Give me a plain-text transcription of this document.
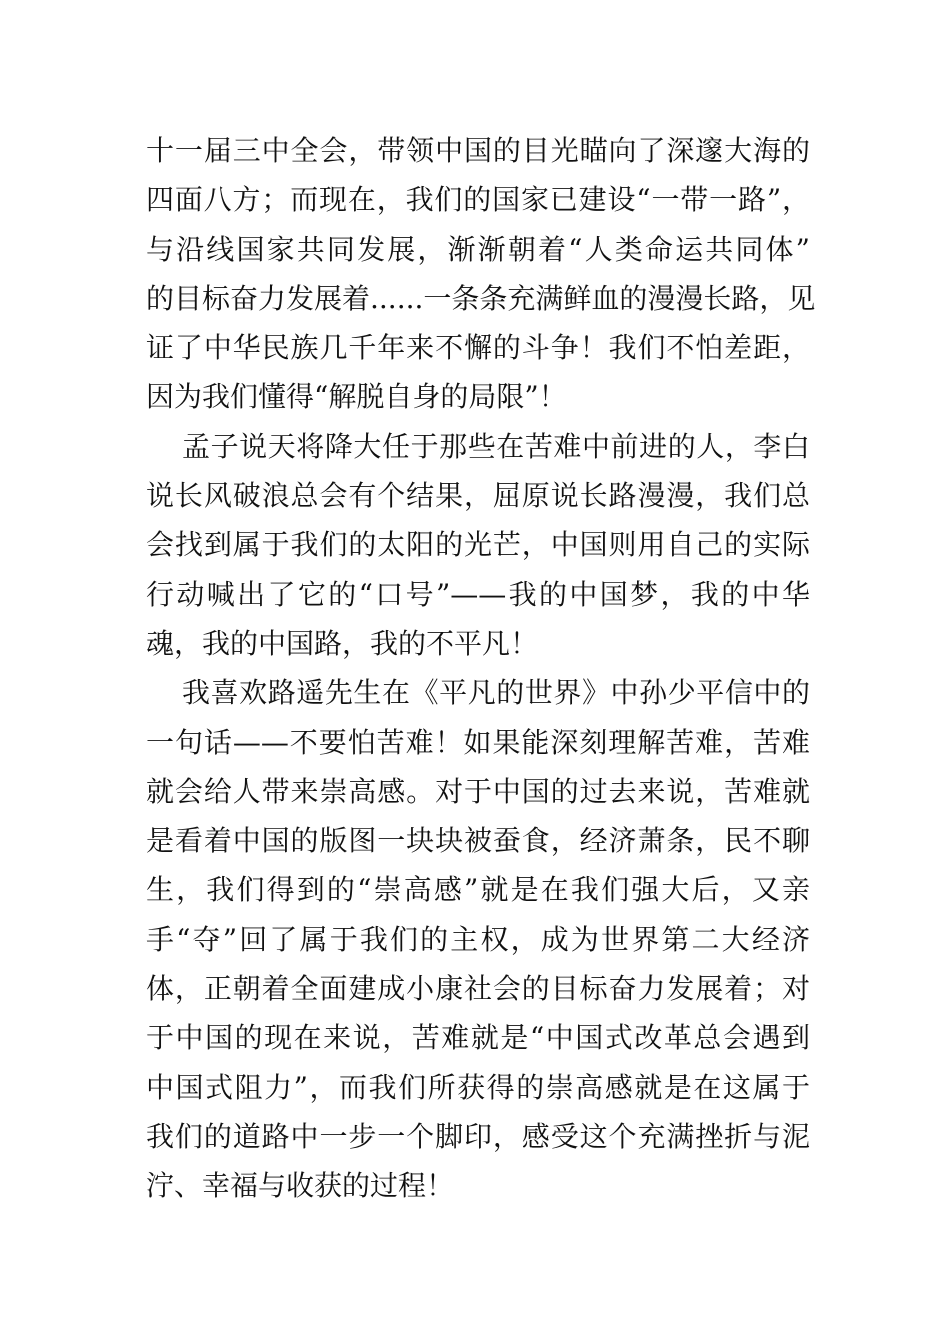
十一届三中全会，带领中国的目光瞄向了深邃大海的
四面八方；而现在，我们的国家已建设“一带一路”，
与沿线国家共同发展，渐渐朝着“人类命运共同体”
的目标奋力发展着......一条条充满鲜血的漫漫长路，见
证了中华民族几千年来不懈的斗争！我们不怕差距，
因为我们懂得“解脱自身的局限”！
孟子说天将降大任于那些在苦难中前进的人，李白
说长风破浪总会有个结果，屈原说长路漫漫，我们总
会找到属于我们的太阳的光芒，中国则用自己的实际
行动喊出了它的“口号”——我的中国梦，我的中华
魂，我的中国路，我的不平凡！
我喜欢路遥先生在《平凡的世界》中孙少平信中的
一句话——不要怕苦难！如果能深刻理解苦难，苦难
就会给人带来崇高感。对于中国的过去来说，苦难就
是看着中国的版图一块块被蚕食，经济萧条，民不聊
生，我们得到的“崇高感”就是在我们强大后，又亲
手“夺”回了属于我们的主权，成为世界第二大经济
体，正朝着全面建成小康社会的目标奋力发展着；对
于中国的现在来说，苦难就是“中国式改革总会遇到
中国式阻力”，而我们所获得的崇高感就是在这属于
我们的道路中一步一个脚印，感受这个充满挫折与泥
泞、幸福与收获的过程！
